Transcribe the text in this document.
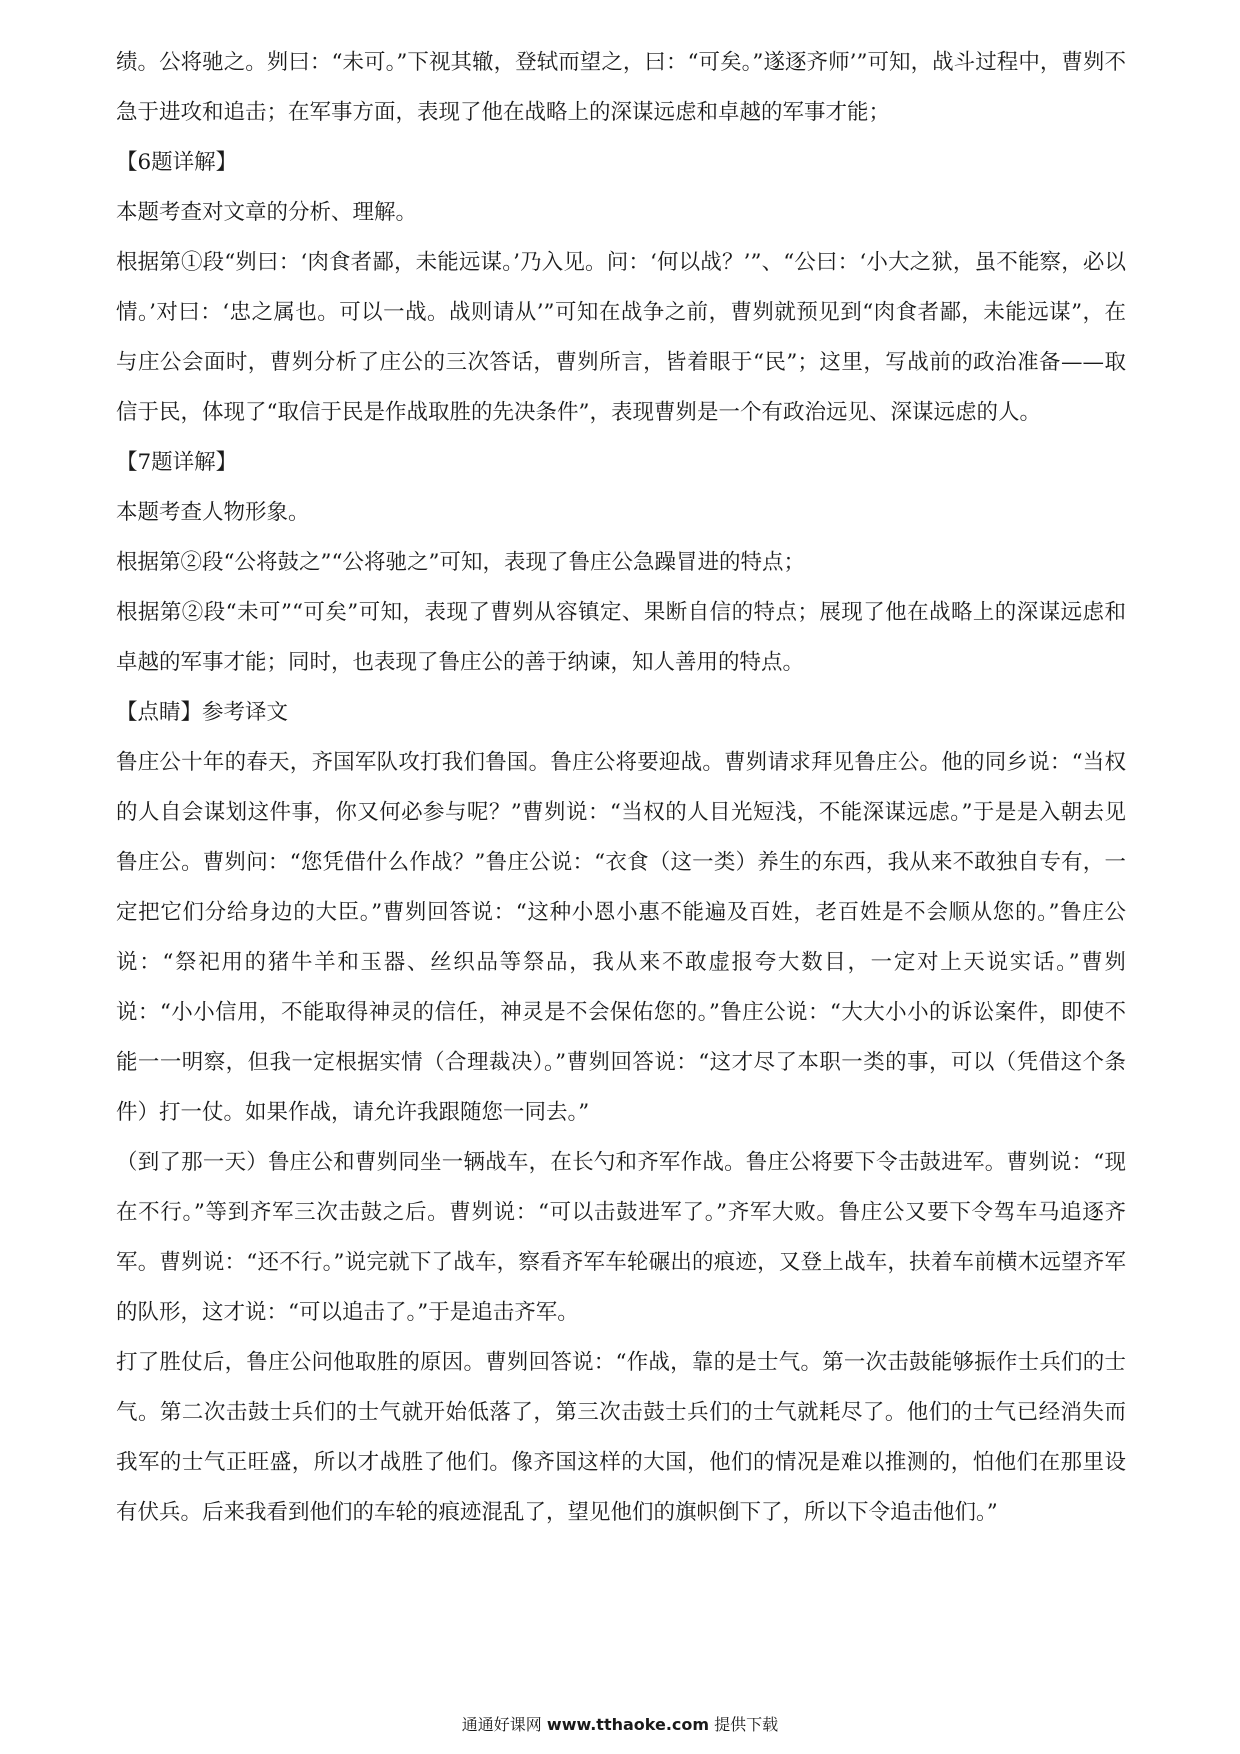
绩。公将驰之。刿曰：“未可。”下视其辙，登轼而望之，曰：“可矣。”遂逐齐师’”可知，战斗过程中，曹刿不急于进攻和追击；在军事方面，表现了他在战略上的深谋远虑和卓越的军事才能；

【6题详解】

本题考查对文章的分析、理解。

根据第①段“刿曰：‘肉食者鄙，未能远谋。’乃入见。问：‘何以战？’”、“公曰：‘小大之狱，虽不能察，必以情。’对曰：‘忠之属也。可以一战。战则请从’”可知在战争之前，曹刿就预见到“肉食者鄙，未能远谋”，在与庄公会面时，曹刿分析了庄公的三次答话，曹刿所言，皆着眼于“民”；这里，写战前的政治准备——取信于民，体现了“取信于民是作战取胜的先决条件”，表现曹刿是一个有政治远见、深谋远虑的人。

【7题详解】

本题考查人物形象。

根据第②段“公将鼓之”“公将驰之”可知，表现了鲁庄公急躁冒进的特点；

根据第②段“未可”“可矣”可知，表现了曹刿从容镇定、果断自信的特点；展现了他在战略上的深谋远虑和卓越的军事才能；同时，也表现了鲁庄公的善于纳谏，知人善用的特点。

【点睛】参考译文

鲁庄公十年的春天，齐国军队攻打我们鲁国。鲁庄公将要迎战。曹刿请求拜见鲁庄公。他的同乡说：“当权的人自会谋划这件事，你又何必参与呢？”曹刿说：“当权的人目光短浅，不能深谋远虑。”于是是入朝去见鲁庄公。曹刿问：“您凭借什么作战？”鲁庄公说：“衣食（这一类）养生的东西，我从来不敢独自专有，一定把它们分给身边的大臣。”曹刿回答说：“这种小恩小惠不能遍及百姓，老百姓是不会顺从您的。”鲁庄公说：“祭祀用的猪牛羊和玉器、丝织品等祭品，我从来不敢虚报夸大数目，一定对上天说实话。”曹刿说：“小小信用，不能取得神灵的信任，神灵是不会保佑您的。”鲁庄公说：“大大小小的诉讼案件，即使不能一一明察，但我一定根据实情（合理裁决）。”曹刿回答说：“这才尽了本职一类的事，可以（凭借这个条件）打一仗。如果作战，请允许我跟随您一同去。”

（到了那一天）鲁庄公和曹刿同坐一辆战车，在长勺和齐军作战。鲁庄公将要下令击鼓进军。曹刿说：“现在不行。”等到齐军三次击鼓之后。曹刿说：“可以击鼓进军了。”齐军大败。鲁庄公又要下令驾车马追逐齐军。曹刿说：“还不行。”说完就下了战车，察看齐军车轮碾出的痕迹，又登上战车，扶着车前横木远望齐军的队形，这才说：“可以追击了。”于是追击齐军。

打了胜仗后，鲁庄公问他取胜的原因。曹刿回答说：“作战，靠的是士气。第一次击鼓能够振作士兵们的士气。第二次击鼓士兵们的士气就开始低落了，第三次击鼓士兵们的士气就耗尽了。他们的士气已经消失而我军的士气正旺盛，所以才战胜了他们。像齐国这样的大国，他们的情况是难以推测的，怕他们在那里设有伏兵。后来我看到他们的车轮的痕迹混乱了，望见他们的旗帜倒下了，所以下令追击他们。”

通通好课网 www.tthaoke.com 提供下载
